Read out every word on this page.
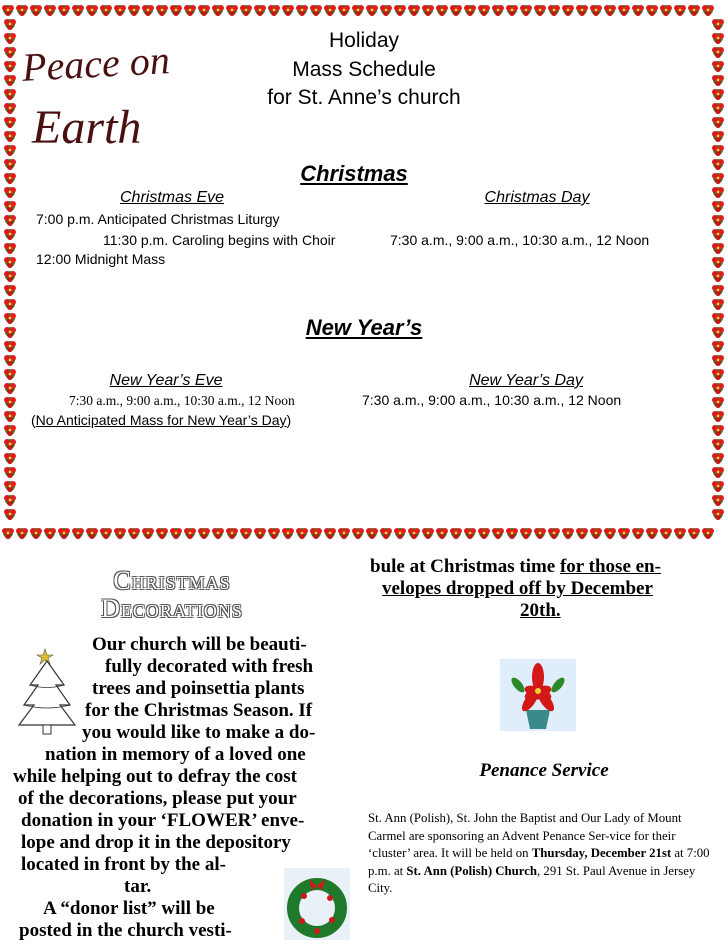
Peace on
Earth
Holiday
Mass Schedule
for St. Anne’s church
Christmas
Christmas Eve	Christmas Day
7:00 p.m. Anticipated Christmas Liturgy
11:30 p.m. Caroling begins with Choir	7:30 a.m., 9:00 a.m., 10:30 a.m., 12 Noon
12:00 Midnight Mass
New Year’s
New Year’s Eve	New Year’s Day
7:30 a.m., 9:00 a.m., 10:30 a.m., 12 Noon	7:30 a.m., 9:00 a.m., 10:30 a.m., 12 Noon
(No Anticipated Mass for New Year’s Day)
Christmas
Decorations
Our church will be beauti-
fully decorated with fresh
trees and poinsettia plants
for the Christmas Season. If
you would like to make a do-
nation in memory of a loved one
while helping out to defray the cost
of the decorations, please put your
donation in your ‘FLOWER’ enve-
lope and drop it in the depository
located in front by the al-
tar.
A “donor list” will be
posted in the church vesti-
bule at Christmas time for those en-
velopes dropped off by December
20th.
Penance Service
St. Ann (Polish), St. John the Baptist and Our Lady of Mount Carmel are sponsoring an Advent Penance Ser-vice for their ‘cluster’ area. It will be held on Thursday, December 21st at 7:00 p.m. at St. Ann (Polish) Church, 291 St. Paul Avenue in Jersey City.
